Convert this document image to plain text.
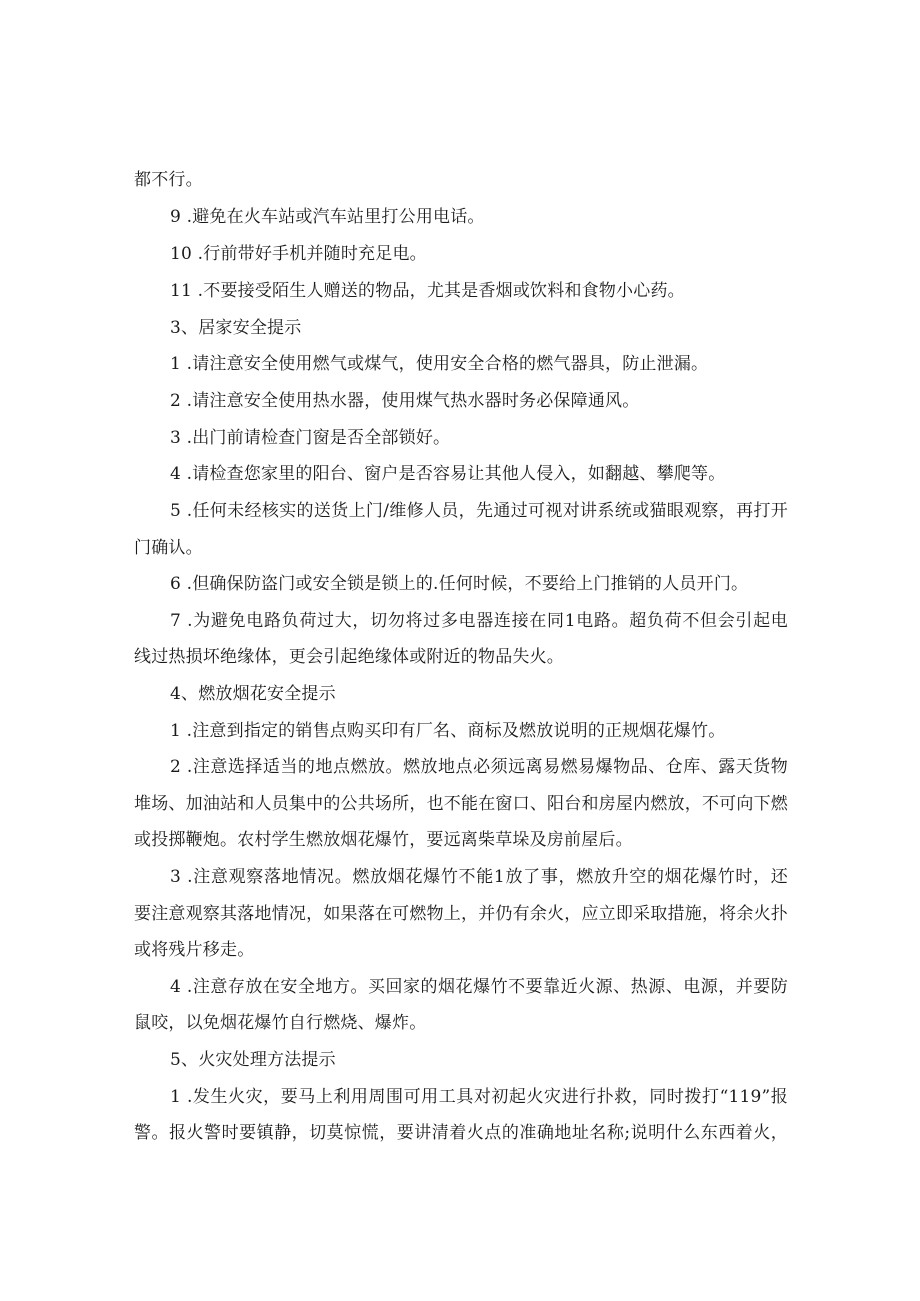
都不行。
9 .避免在火车站或汽车站里打公用电话。
10 .行前带好手机并随时充足电。
11 .不要接受陌生人赠送的物品，尤其是香烟或饮料和食物小心药。
3、居家安全提示
1 .请注意安全使用燃气或煤气，使用安全合格的燃气器具，防止泄漏。
2 .请注意安全使用热水器，使用煤气热水器时务必保障通风。
3 .出门前请检查门窗是否全部锁好。
4 .请检查您家里的阳台、窗户是否容易让其他人侵入，如翻越、攀爬等。
5 .任何未经核实的送货上门/维修人员，先通过可视对讲系统或猫眼观察，再打开
门确认。
6 .但确保防盗门或安全锁是锁上的.任何时候，不要给上门推销的人员开门。
7 .为避免电路负荷过大，切勿将过多电器连接在同1电路。超负荷不但会引起电
线过热损坏绝缘体，更会引起绝缘体或附近的物品失火。
4、燃放烟花安全提示
1 .注意到指定的销售点购买印有厂名、商标及燃放说明的正规烟花爆竹。
2 .注意选择适当的地点燃放。燃放地点必须远离易燃易爆物品、仓库、露天货物
堆场、加油站和人员集中的公共场所，也不能在窗口、阳台和房屋内燃放，不可向下燃
或投掷鞭炮。农村学生燃放烟花爆竹，要远离柴草垛及房前屋后。
3 .注意观察落地情况。燃放烟花爆竹不能1放了事，燃放升空的烟花爆竹时，还
要注意观察其落地情况，如果落在可燃物上，并仍有余火，应立即采取措施，将余火扑
或将残片移走。
4 .注意存放在安全地方。买回家的烟花爆竹不要靠近火源、热源、电源，并要防
鼠咬，以免烟花爆竹自行燃烧、爆炸。
5、火灾处理方法提示
1 .发生火灾，要马上利用周围可用工具对初起火灾进行扑救，同时拨打“119”报
警。报火警时要镇静，切莫惊慌，要讲清着火点的准确地址名称;说明什么东西着火，
